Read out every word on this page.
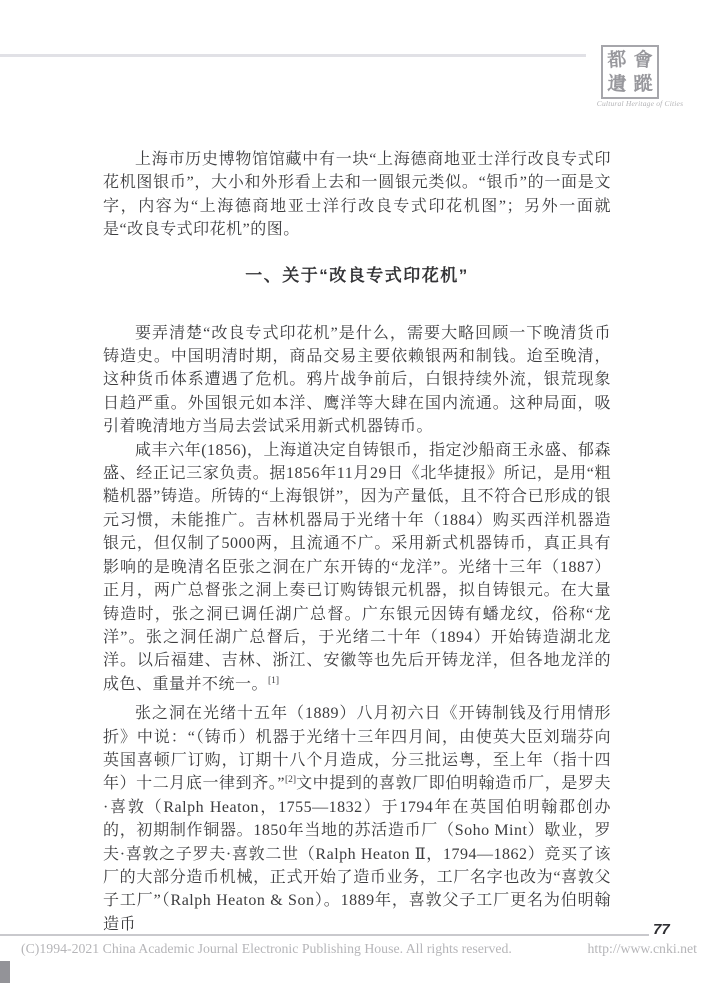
都 會
遺 蹤
Cultural Heritage of Cities

上海市历史博物馆馆藏中有一块“上海德商地亚士洋行改良专式印花机图银币”，大小和外形看上去和一圆银元类似。“银币”的一面是文字，内容为“上海德商地亚士洋行改良专式印花机图”；另外一面就是“改良专式印花机”的图。

一、关于“改良专式印花机”

要弄清楚“改良专式印花机”是什么，需要大略回顾一下晚清货币铸造史。中国明清时期，商品交易主要依赖银两和制钱。迨至晚清，这种货币体系遭遇了危机。鸦片战争前后，白银持续外流，银荒现象日趋严重。外国银元如本洋、鹰洋等大肆在国内流通。这种局面，吸引着晚清地方当局去尝试采用新式机器铸币。

咸丰六年(1856)，上海道决定自铸银币，指定沙船商王永盛、郁森盛、经正记三家负责。据1856年11月29日《北华捷报》所记，是用“粗糙机器”铸造。所铸的“上海银饼”，因为产量低，且不符合已形成的银元习惯，未能推广。吉林机器局于光绪十年（1884）购买西洋机器造银元，但仅制了5000两，且流通不广。采用新式机器铸币，真正具有影响的是晚清名臣张之洞在广东开铸的“龙洋”。光绪十三年（1887）正月，两广总督张之洞上奏已订购铸银元机器，拟自铸银元。在大量铸造时，张之洞已调任湖广总督。广东银元因铸有蟠龙纹，俗称“龙洋”。张之洞任湖广总督后，于光绪二十年（1894）开始铸造湖北龙洋。以后福建、吉林、浙江、安徽等也先后开铸龙洋，但各地龙洋的成色、重量并不统一。[1]

张之洞在光绪十五年（1889）八月初六日《开铸制钱及行用情形折》中说：“（铸币）机器于光绪十三年四月间，由使英大臣刘瑞芬向英国喜顿厂订购，订期十八个月造成，分三批运粤，至上年（指十四年）十二月底一律到齐。”[2]文中提到的喜敦厂即伯明翰造币厂，是罗夫·喜敦（Ralph Heaton，1755—1832）于1794年在英国伯明翰郡创办的，初期制作铜器。1850年当地的苏活造币厂（Soho Mint）歇业，罗夫·喜敦之子罗夫·喜敦二世（Ralph Heaton Ⅱ，1794—1862）竞买了该厂的大部分造币机械，正式开始了造币业务，工厂名字也改为“喜敦父子工厂”（Ralph Heaton & Son）。1889年，喜敦父子工厂更名为伯明翰造币	77
(C)1994-2021 China Academic Journal Electronic Publishing House. All rights reserved.	http://www.cnki.net
